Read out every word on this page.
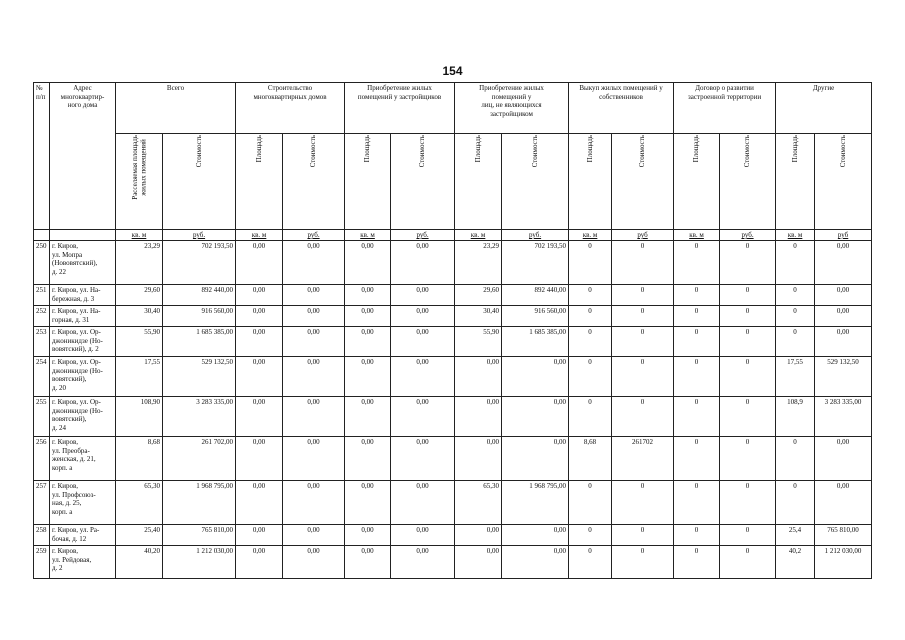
154
№
п/п	Адрес
многоквартир-
ного дома	Всего		Строительство
многоквартирных домов		Приобретение жилых
помещений у застройщиков		Приобретение жилых
помещений у
лиц, не являющихся
застройщиком		Выкуп жилых помещений у
собственников		Договор о развитии
застроенной территории		Другие	

		Расселяемая площадь
жилых помещений	Стоимость	Площадь	Стоимость	Площадь	Стоимость	Площадь	Стоимость	Площадь	Стоимость	Площадь	Стоимость	Площадь	Стоимость

		кв. м	руб.	кв. м	руб.	кв. м	руб.	кв. м	руб.	кв. м	руб	кв. м	руб.	кв. м	руб
250	г. Киров,
ул. Мопра
(Нововятский),
д. 22	23,29	702 193,50	0,00	0,00	0,00	0,00	23,29	702 193,50	0	0	0	0	0	0,00
251	г. Киров, ул. На-
бережная, д. 3	29,60	892 440,00	0,00	0,00	0,00	0,00	29,60	892 440,00	0	0	0	0	0	0,00
252	г. Киров, ул. На-
горная, д. 31	30,40	916 560,00	0,00	0,00	0,00	0,00	30,40	916 560,00	0	0	0	0	0	0,00
253	г. Киров, ул. Ор-
джоникидзе (Но-
вовятский), д. 2	55,90	1 685 385,00	0,00	0,00	0,00	0,00	55,90	1 685 385,00	0	0	0	0	0	0,00
254	г. Киров, ул. Ор-
джоникидзе (Но-
вовятский),
д. 20	17,55	529 132,50	0,00	0,00	0,00	0,00	0,00	0,00	0	0	0	0	17,55	529 132,50
255	г. Киров, ул. Ор-
джоникидзе (Но-
вовятский),
д. 24	108,90	3 283 335,00	0,00	0,00	0,00	0,00	0,00	0,00	0	0	0	0	108,9	3 283 335,00
256	г. Киров,
ул. Преобра-
женская, д. 21,
корп. а	8,68	261 702,00	0,00	0,00	0,00	0,00	0,00	0,00	8,68	261702	0	0	0	0,00
257	г. Киров,
ул. Профсоюз-
ная, д. 25,
корп. а	65,30	1 968 795,00	0,00	0,00	0,00	0,00	65,30	1 968 795,00	0	0	0	0	0	0,00
258	г. Киров, ул. Ра-
бочая, д. 12	25,40	765 810,00	0,00	0,00	0,00	0,00	0,00	0,00	0	0	0	0	25,4	765 810,00
259	г. Киров,
ул. Рейдовая,
д. 2	40,20	1 212 030,00	0,00	0,00	0,00	0,00	0,00	0,00	0	0	0	0	40,2	1 212 030,00
